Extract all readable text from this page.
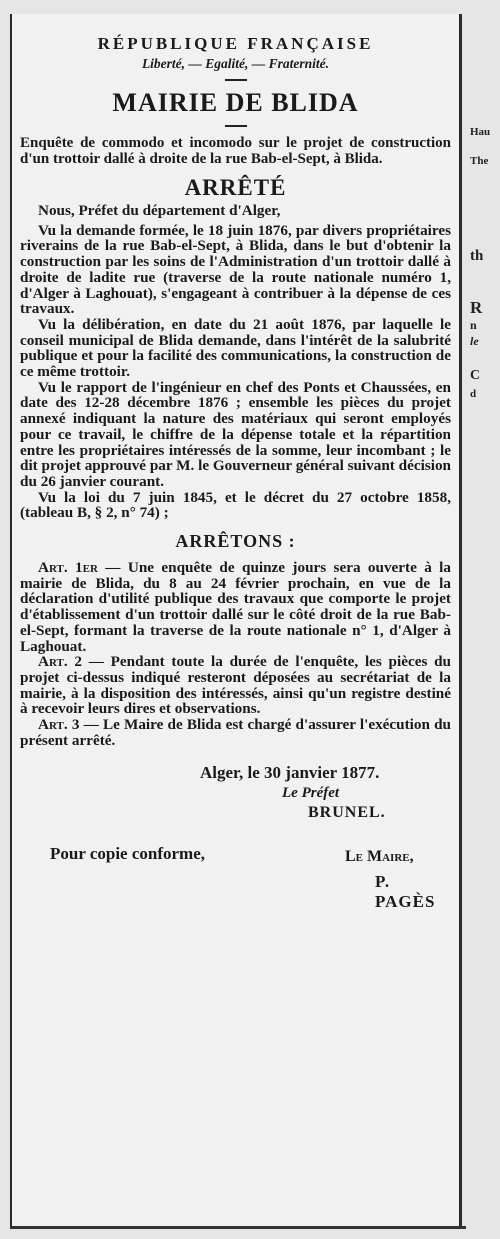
RÉPUBLIQUE FRANÇAISE

Liberté, — Egalité, — Fraternité.

MAIRIE DE BLIDA

Enquête de commodo et incomodo sur le projet de construction d'un trottoir dallé à droite de la rue Bab-el-Sept, à Blida.

ARRÊTÉ

Nous, Préfet du département d'Alger,

Vu la demande formée, le 18 juin 1876, par divers propriétaires riverains de la rue Bab-el-Sept, à Blida, dans le but d'obtenir la construction par les soins de l'Administration d'un trottoir dallé à droite de ladite rue (traverse de la route nationale numéro 1, d'Alger à Laghouat), s'engageant à contribuer à la dépense de ces travaux.

Vu la délibération, en date du 21 août 1876, par laquelle le conseil municipal de Blida demande, dans l'intérêt de la salubrité publique et pour la facilité des communications, la construction de ce même trottoir.

Vu le rapport de l'ingénieur en chef des Ponts et Chaussées, en date des 12-28 décembre 1876 ; ensemble les pièces du projet annexé indiquant la nature des matériaux qui seront employés pour ce travail, le chiffre de la dépense totale et la répartition entre les propriétaires intéressés de la somme, leur incombant ; le dit projet approuvé par M. le Gouverneur général suivant décision du 26 janvier courant.

Vu la loi du 7 juin 1845, et le décret du 27 octobre 1858, (tableau B, § 2, n° 74) ;

ARRÊTONS :

Art. 1er — Une enquête de quinze jours sera ouverte à la mairie de Blida, du 8 au 24 février prochain, en vue de la déclaration d'utilité publique des travaux que comporte le projet d'établissement d'un trottoir dallé sur le côté droit de la rue Bab-el-Sept, formant la traverse de la route nationale n° 1, d'Alger à Laghouat.

Art. 2 — Pendant toute la durée de l'enquête, les pièces du projet ci-dessus indiqué resteront déposées au secrétariat de la mairie, à la disposition des intéressés, ainsi qu'un registre destiné à recevoir leurs dires et observations.

Art. 3 — Le Maire de Blida est chargé d'assurer l'exécution du présent arrêté.

Alger, le 30 janvier 1877.

Le Préfet

BRUNEL.

Pour copie conforme,	Le Maire,

P. PAGÈS

Hau
The
th
R
n
le
C
d
